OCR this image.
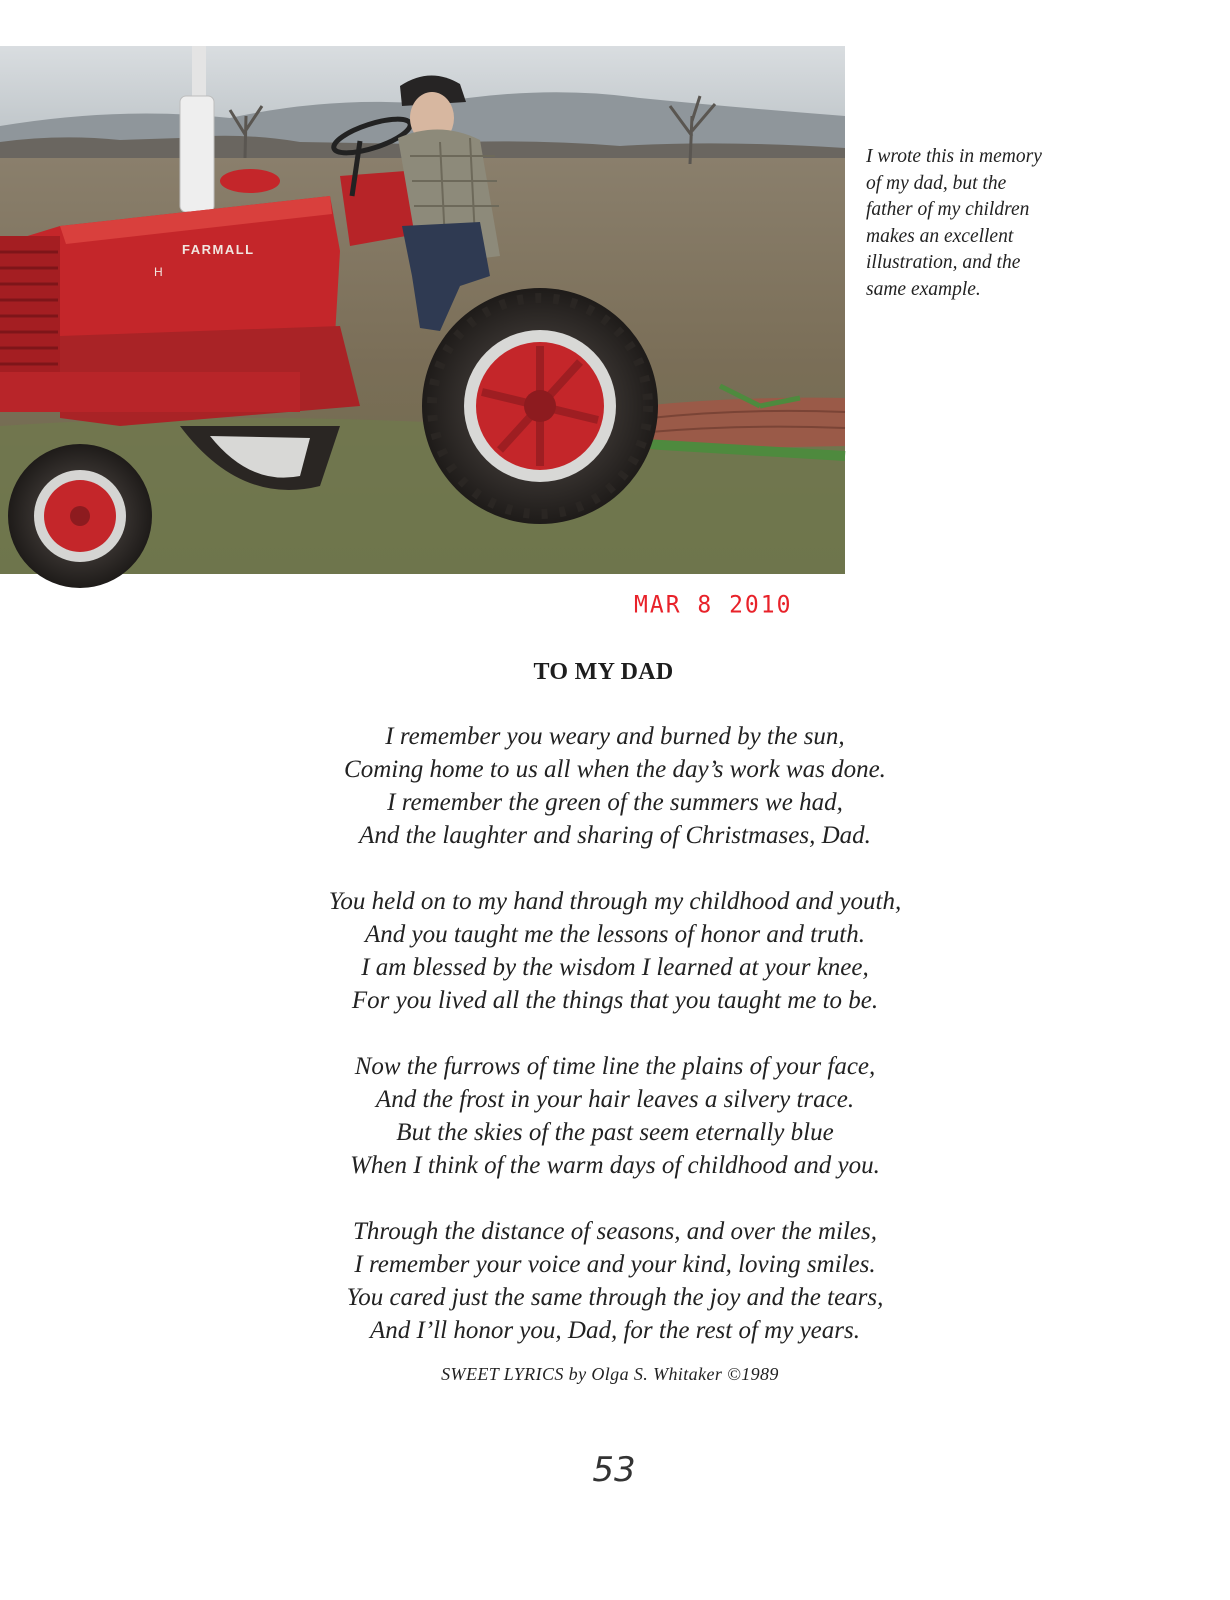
FARMALL
H
MAR 8 2010
I wrote this in memory
of my dad, but the
father of my children
makes an excellent
illustration, and the
same example.
TO MY DAD
I remember you weary and burned by the sun,
Coming home to us all when the day’s work was done.
I remember the green of the summers we had,
And the laughter and sharing of Christmases, Dad.
You held on to my hand through my childhood and youth,
And you taught me the lessons of honor and truth.
I am blessed by the wisdom I learned at your knee,
For you lived all the things that you taught me to be.
Now the furrows of time line the plains of your face,
And the frost in your hair leaves a silvery trace.
But the skies of the past seem eternally blue
When I think of the warm days of childhood and you.
Through the distance of seasons, and over the miles,
I remember your voice and your kind, loving smiles.
You cared just the same through the joy and the tears,
And I’ll honor you, Dad, for the rest of my years.
SWEET LYRICS by Olga S. Whitaker ©1989
53
